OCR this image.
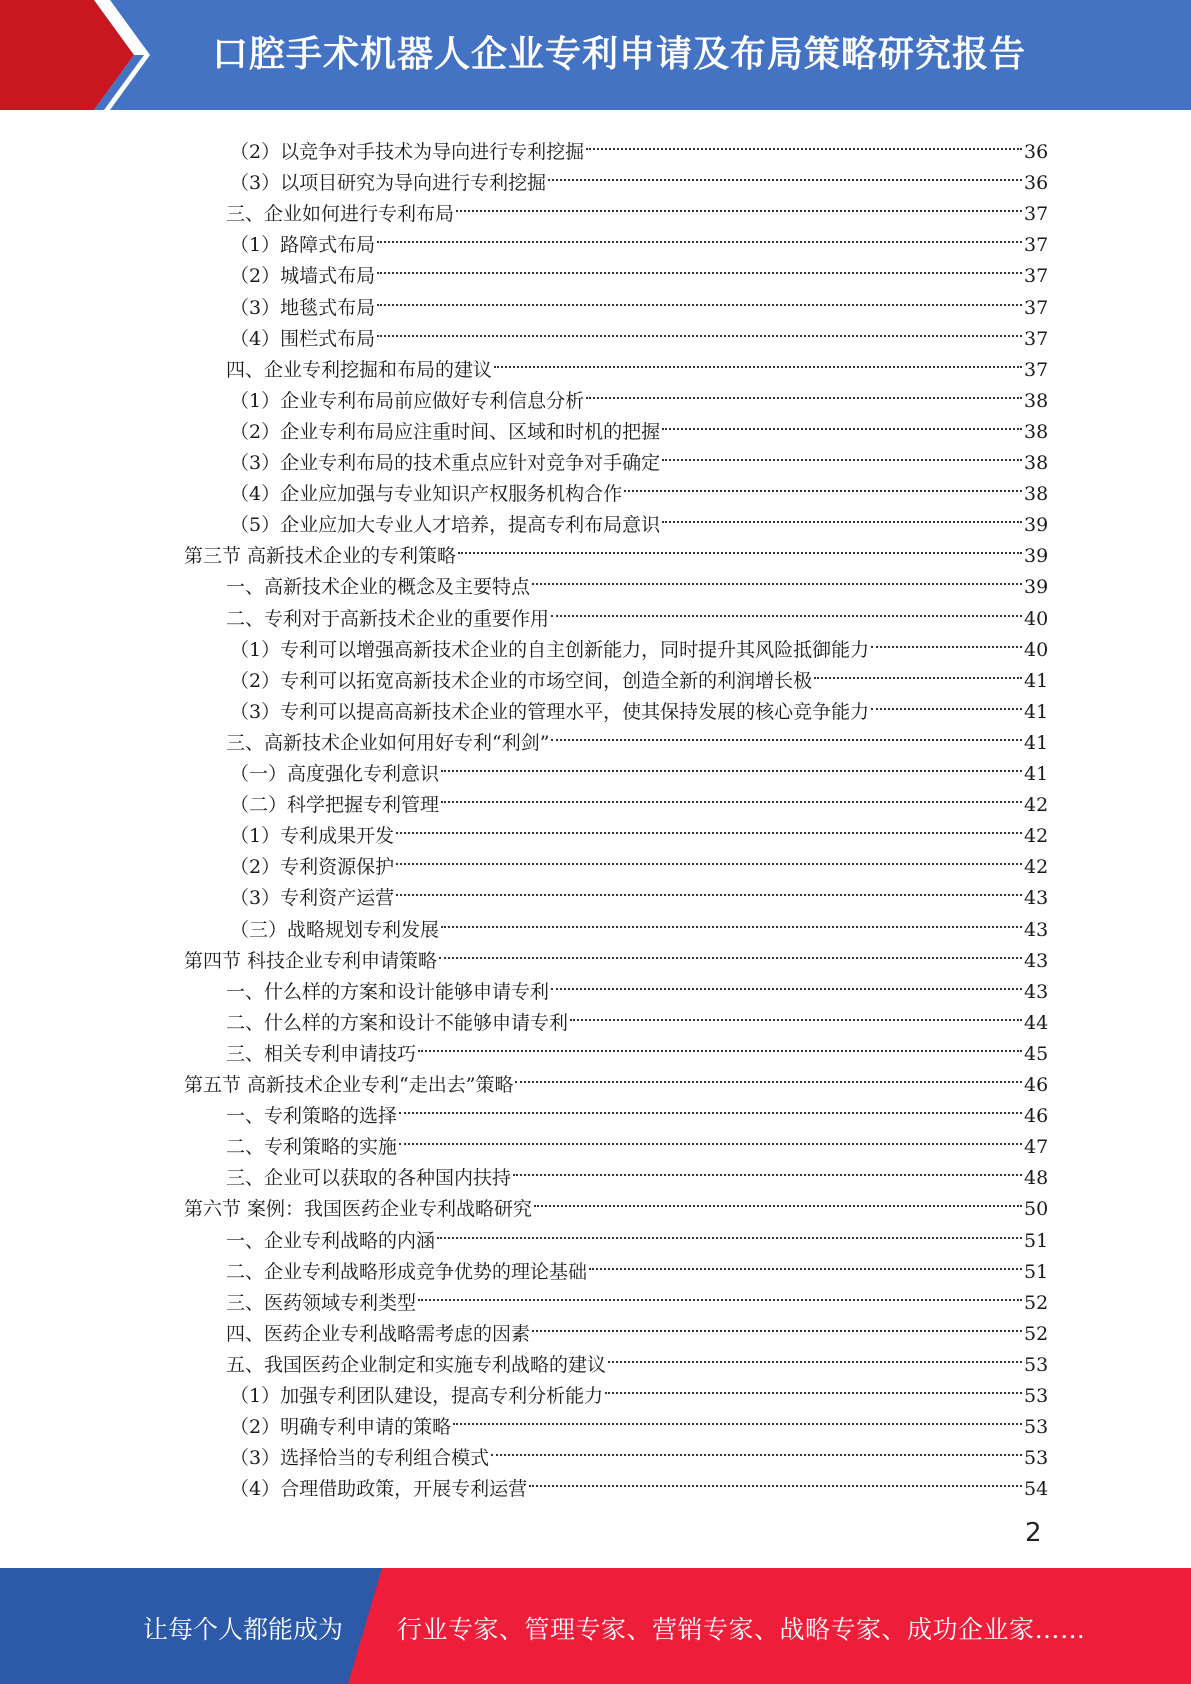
口腔手术机器人企业专利申请及布局策略研究报告
（2）以竞争对手技术为导向进行专利挖掘	36
（3）以项目研究为导向进行专利挖掘	36
三、企业如何进行专利布局	37
（1）路障式布局	37
（2）城墙式布局	37
（3）地毯式布局	37
（4）围栏式布局	37
四、企业专利挖掘和布局的建议	37
（1）企业专利布局前应做好专利信息分析	38
（2）企业专利布局应注重时间、区域和时机的把握	38
（3）企业专利布局的技术重点应针对竞争对手确定	38
（4）企业应加强与专业知识产权服务机构合作	38
（5）企业应加大专业人才培养，提高专利布局意识	39
第三节 高新技术企业的专利策略	39
一、高新技术企业的概念及主要特点	39
二、专利对于高新技术企业的重要作用	40
（1）专利可以增强高新技术企业的自主创新能力，同时提升其风险抵御能力	40
（2）专利可以拓宽高新技术企业的市场空间，创造全新的利润增长极	41
（3）专利可以提高高新技术企业的管理水平，使其保持发展的核心竞争能力	41
三、高新技术企业如何用好专利“利剑”	41
（一）高度强化专利意识	41
（二）科学把握专利管理	42
（1）专利成果开发	42
（2）专利资源保护	42
（3）专利资产运营	43
（三）战略规划专利发展	43
第四节 科技企业专利申请策略	43
一、什么样的方案和设计能够申请专利	43
二、什么样的方案和设计不能够申请专利	44
三、相关专利申请技巧	45
第五节 高新技术企业专利“走出去”策略	46
一、专利策略的选择	46
二、专利策略的实施	47
三、企业可以获取的各种国内扶持	48
第六节 案例：我国医药企业专利战略研究	50
一、企业专利战略的内涵	51
二、企业专利战略形成竞争优势的理论基础	51
三、医药领域专利类型	52
四、医药企业专利战略需考虑的因素	52
五、我国医药企业制定和实施专利战略的建议	53
（1）加强专利团队建设，提高专利分析能力	53
（2）明确专利申请的策略	53
（3）选择恰当的专利组合模式	53
（4）合理借助政策，开展专利运营	54
2
让每个人都能成为 行业专家、管理专家、营销专家、战略专家、成功企业家……
